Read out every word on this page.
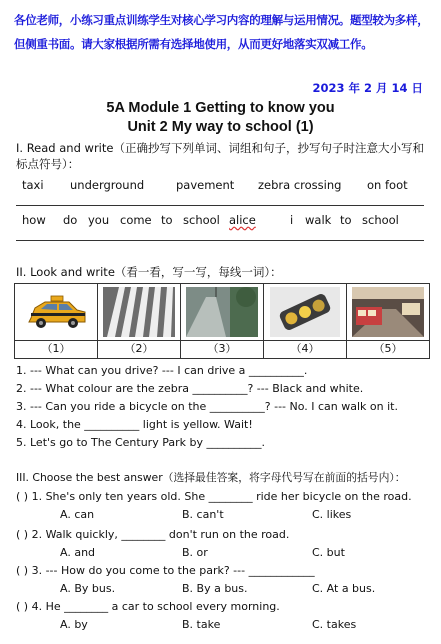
各位老师，小练习重点训练学生对核心学习内容的理解与运用情况。题型较为多样，但侧重书面。请大家根据所需有选择地使用，从而更好地落实双减工作。
2023 年 2 月 14 日
5A Module 1 Getting to know you
Unit 2 My way to school (1)
Ⅰ. Read and write（正确抄写下列单词、词组和句子，抄写句子时注意大小写和标点符号）：
taxi underground	pavement zebra crossing on foot
how do you come to school alice	i walk to school
II. Look and write（看一看，写一写，每线一词）：
（1）	（2）	（3）	（4）	（5）
1. --- What can you drive? --- I can drive a __________.
2. --- What colour are the zebra __________? --- Black and white.
3. --- Can you ride a bicycle on the __________? --- No. I can walk on it.
4. Look, the __________ light is yellow. Wait!
5. Let's go to The Century Park by __________.
III. Choose the best answer（选择最佳答案，将字母代号写在前面的括号内）：
( ) 1. She's only ten years old. She ________ ride her bicycle on the road.
A. can	B. can't	C. likes
( ) 2. Walk quickly, ________ don't run on the road.
A. and	B. or	C. but
( ) 3. --- How do you come to the park? --- ____________
A. By bus.	B. By a bus.	C. At a bus.
( ) 4. He ________ a car to school every morning.
A. by	B. take	C. takes
